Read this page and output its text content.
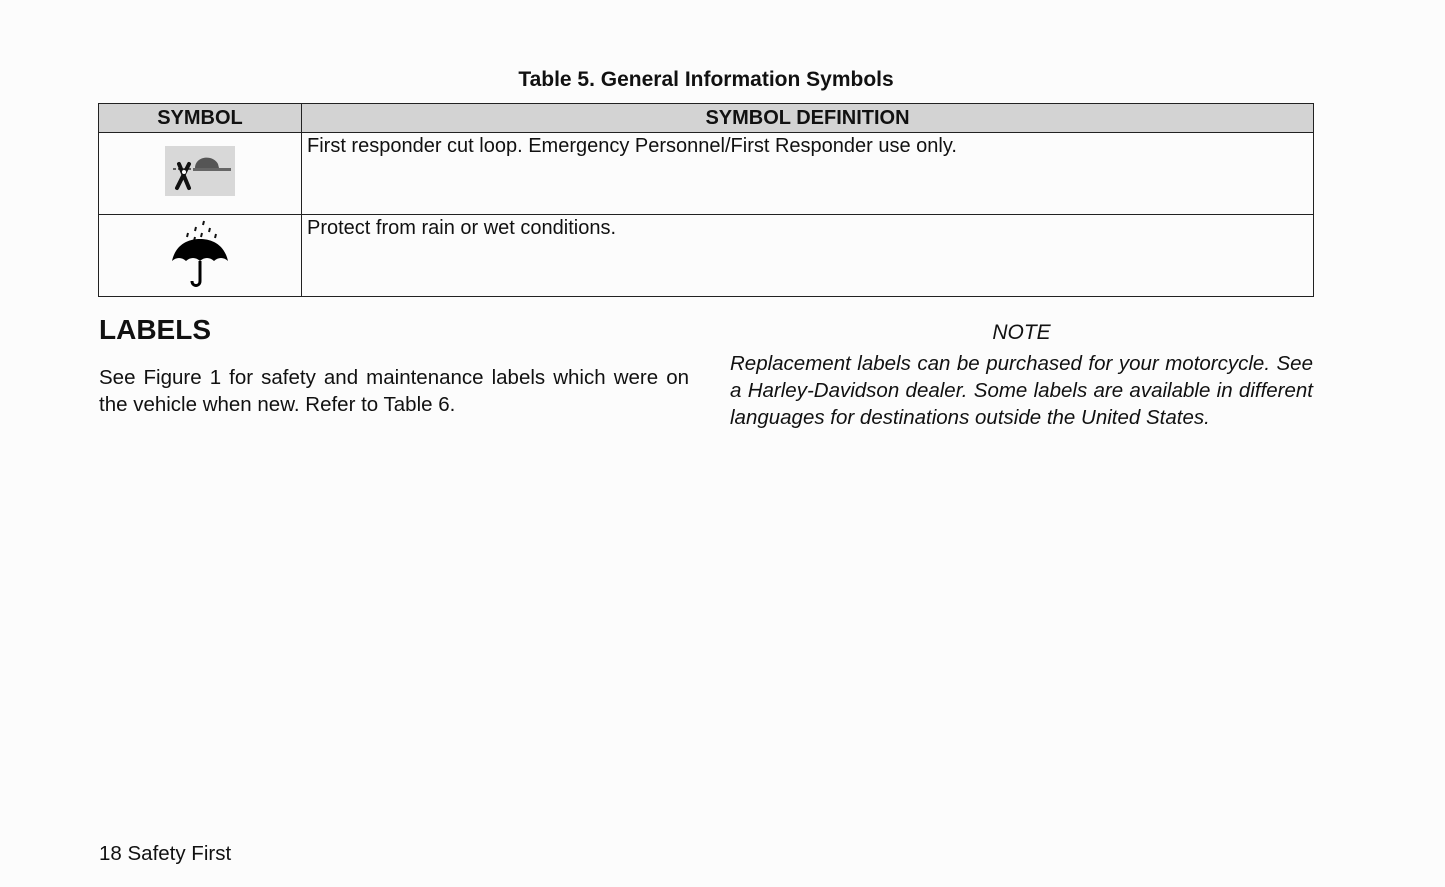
Table 5. General Information Symbols
SYMBOL	SYMBOL DEFINITION
	First responder cut loop. Emergency Personnel/First Responder use only.
	Protect from rain or wet conditions.
LABELS

See Figure 1 for safety and maintenance labels which were on the vehicle when new. Refer to Table 6.

NOTE

Replacement labels can be purchased for your motorcycle. See a Harley-Davidson dealer. Some labels are available in different languages for destinations outside the United States.

18 Safety First
